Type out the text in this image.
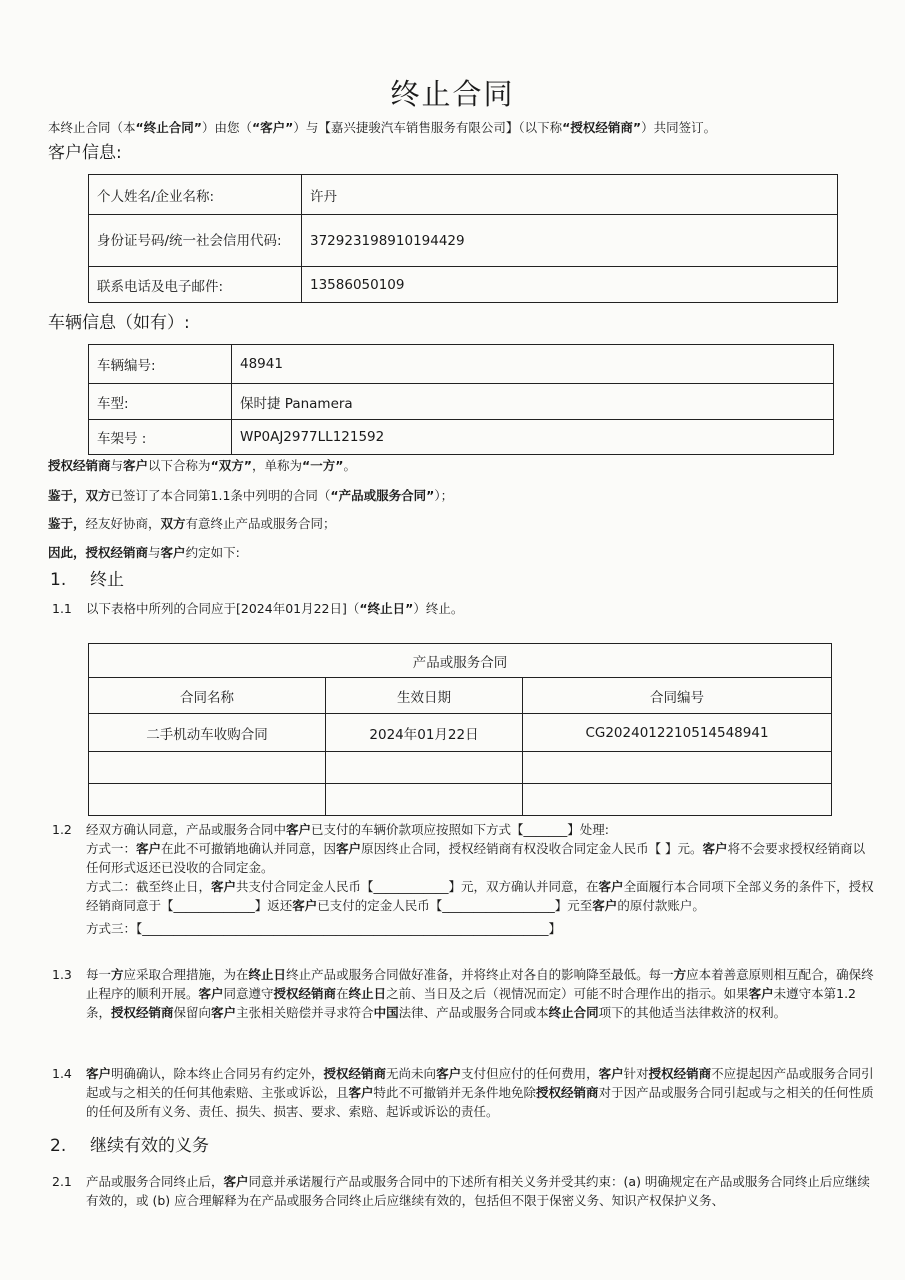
终止合同
本终止合同（本“终止合同”）由您（“客户”）与【嘉兴捷骏汽车销售服务有限公司】（以下称“授权经销商”）共同签订。
客户信息:
个人姓名/企业名称:	许丹
身份证号码/统一社会信用代码:	372923198910194429
联系电话及电子邮件:	13586050109
车辆信息（如有）:
车辆编号:	48941
车型:	保时捷 Panamera
车架号 :	WP0AJ2977LL121592
授权经销商与客户以下合称为“双方”，单称为“一方”。
鉴于，双方已签订了本合同第1.1条中列明的合同（“产品或服务合同”）；
鉴于，经友好协商，双方有意终止产品或服务合同；
因此，授权经销商与客户约定如下:
1. 终止
1.1 以下表格中所列的合同应于[2024年01月22日]（“终止日”）终止。
产品或服务合同		
合同名称	生效日期	合同编号
二手机动车收购合同	2024年01月22日	CG2024012210514548941

1.2 经双方确认同意，产品或服务合同中客户已支付的车辆价款项应按照如下方式【_______】处理:
方式一：客户在此不可撤销地确认并同意，因客户原因终止合同，授权经销商有权没收合同定金人民币【 】元。客户将不会要求授权经销商以任何形式返还已没收的合同定金。
方式二：截至终止日，客户共支付合同定金人民币【____________】元，双方确认并同意，在客户全面履行本合同项下全部义务的条件下，授权经销商同意于【_____________】返还客户已支付的定金人民币【__________________】元至客户的原付款账户。
方式三：【_________________________________________________________________】
1.3 每一方应采取合理措施，为在终止日终止产品或服务合同做好准备，并将终止对各自的影响降至最低。每一方应本着善意原则相互配合，确保终止程序的顺利开展。客户同意遵守授权经销商在终止日之前、当日及之后（视情况而定）可能不时合理作出的指示。如果客户未遵守本第1.2条，授权经销商保留向客户主张相关赔偿并寻求符合中国法律、产品或服务合同或本终止合同项下的其他适当法律救济的权利。
1.4 客户明确确认，除本终止合同另有约定外，授权经销商无尚未向客户支付但应付的任何费用，客户针对授权经销商不应提起因产品或服务合同引起或与之相关的任何其他索赔、主张或诉讼，且客户特此不可撤销并无条件地免除授权经销商对于因产品或服务合同引起或与之相关的任何性质的任何及所有义务、责任、损失、损害、要求、索赔、起诉或诉讼的责任。
2. 继续有效的义务
2.1 产品或服务合同终止后，客户同意并承诺履行产品或服务合同中的下述所有相关义务并受其约束：(a) 明确规定在产品或服务合同终止后应继续有效的，或 (b) 应合理解释为在产品或服务合同终止后应继续有效的，包括但不限于保密义务、知识产权保护义务、
